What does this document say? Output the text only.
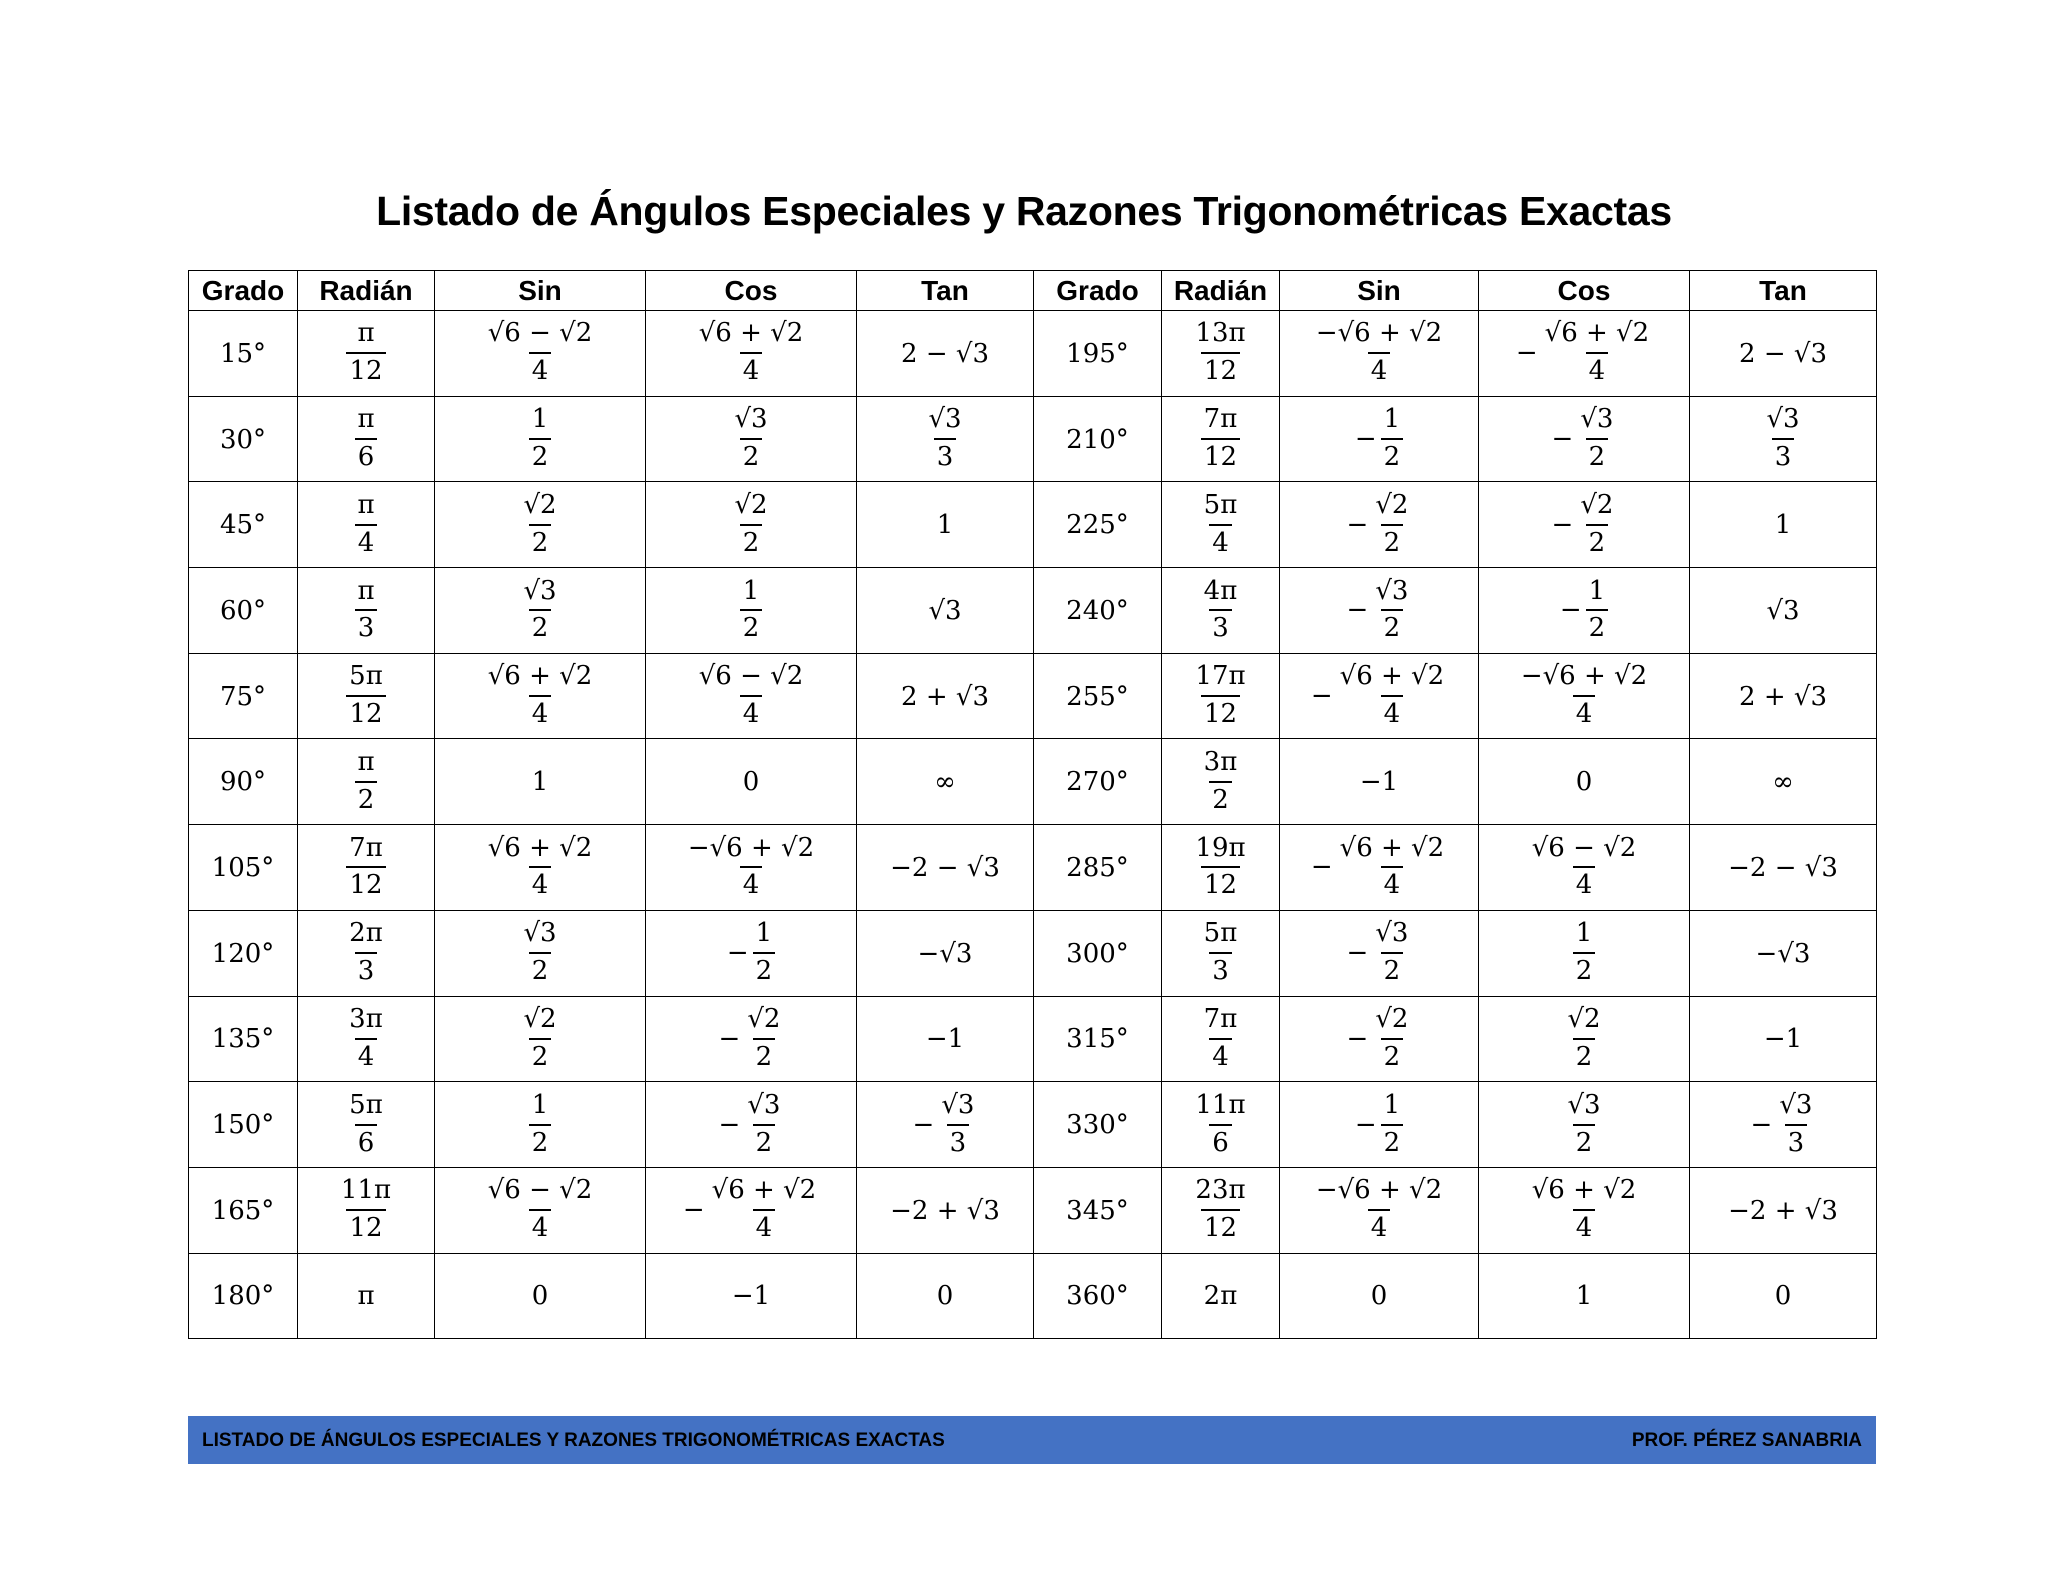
Listado de Ángulos Especiales y Razones Trigonométricas Exactas
Grado	Radián	Sin	Cos	Tan	Grado	Radián	Sin	Cos	Tan
15°	$\frac{\pi}{12}$	$\frac{√6 - √2}{4}$	$\frac{√6 + √2}{4}$	2 − √3	195°	$\frac{13\pi}{12}$	$\frac{-√6 + √2}{4}$	− $\frac{√6 + √2}{4}$	2 − √3
30°	$\frac{\pi}{6}$	$\frac{1}{2}$	$\frac{√3}{2}$	$\frac{√3}{3}$	210°	$\frac{7\pi}{12}$	− $\frac{1}{2}$	− $\frac{√3}{2}$	$\frac{√3}{3}$

45°	$\frac{\pi}{4}$	$\frac{√2}{2}$	$\frac{√2}{2}$	1	225°	$\frac{5\pi}{4}$	− $\frac{√2}{2}$	− $\frac{√2}{2}$	1
60°	$\frac{\pi}{3}$	$\frac{√3}{2}$	$\frac{1}{2}$	√3	240°	$\frac{4\pi}{3}$	− $\frac{√3}{2}$	− $\frac{1}{2}$	√3
75°	$\frac{5\pi}{12}$	$\frac{√6 + √2}{4}$	$\frac{√6 - √2}{4}$	2 + √3	255°	$\frac{17\pi}{12}$	− $\frac{√6 + √2}{4}$	$\frac{-√6 + √2}{4}$	2 + √3
90°	$\frac{\pi}{2}$	1	0	∞	270°	$\frac{3\pi}{2}$	−1	0	∞
105°	$\frac{7\pi}{12}$	$\frac{√6 + √2}{4}$	$\frac{-√6 + √2}{4}$	−2 − √3	285°	$\frac{19\pi}{12}$	− $\frac{√6 + √2}{4}$	$\frac{√6 - √2}{4}$	−2 − √3
120°	$\frac{2\pi}{3}$	$\frac{√3}{2}$	− $\frac{1}{2}$	−√3	300°	$\frac{5\pi}{3}$	− $\frac{√3}{2}$	$\frac{1}{2}$	−√3
135°	$\frac{3\pi}{4}$	$\frac{√2}{2}$	− $\frac{√2}{2}$	−1	315°	$\frac{7\pi}{4}$	− $\frac{√2}{2}$	$\frac{√2}{2}$	−1
150°	$\frac{5\pi}{6}$	$\frac{1}{2}$	− $\frac{√3}{2}$	− $\frac{√3}{3}$	330°	$\frac{11\pi}{6}$	− $\frac{1}{2}$	$\frac{√3}{2}$	− $\frac{√3}{3}$

165°	$\frac{11\pi}{12}$	$\frac{√6 - √2}{4}$	− $\frac{√6 + √2}{4}$	−2 + √3	345°	$\frac{23\pi}{12}$	$\frac{-√6 + √2}{4}$	$\frac{√6 + √2}{4}$	−2 + √3
180°	π	0	−1	0	360°	2π	0	1	0
LISTADO DE ÁNGULOS ESPECIALES Y RAZONES TRIGONOMÉTRICAS EXACTAS	PROF. PÉREZ SANABRIA
